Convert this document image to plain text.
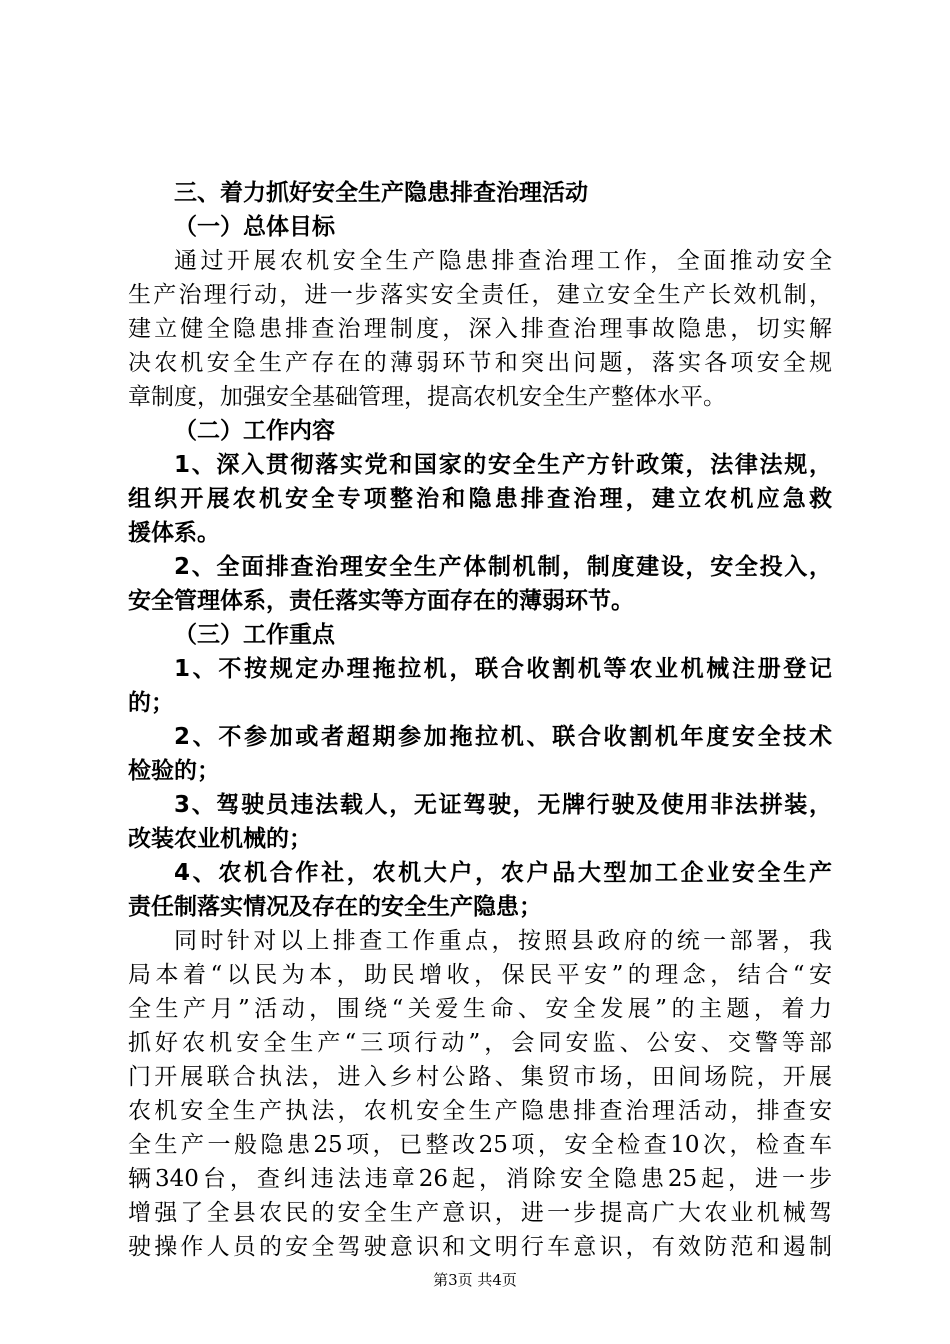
三、着力抓好安全生产隐患排查治理活动
（一）总体目标
通过开展农机安全生产隐患排查治理工作，全面推动安全
生产治理行动，进一步落实安全责任，建立安全生产长效机制，
建立健全隐患排查治理制度，深入排查治理事故隐患，切实解
决农机安全生产存在的薄弱环节和突出问题，落实各项安全规
章制度，加强安全基础管理，提高农机安全生产整体水平。
（二）工作内容
1、深入贯彻落实党和国家的安全生产方针政策，法律法规，
组织开展农机安全专项整治和隐患排查治理，建立农机应急救
援体系。
2、全面排查治理安全生产体制机制，制度建设，安全投入，
安全管理体系，责任落实等方面存在的薄弱环节。
（三）工作重点
1、不按规定办理拖拉机，联合收割机等农业机械注册登记
的；
2、不参加或者超期参加拖拉机、联合收割机年度安全技术
检验的；
3、驾驶员违法载人，无证驾驶，无牌行驶及使用非法拼装，
改装农业机械的；
4、农机合作社，农机大户，农户品大型加工企业安全生产
责任制落实情况及存在的安全生产隐患；
同时针对以上排查工作重点，按照县政府的统一部署，我
局本着“以民为本，助民增收，保民平安”的理念，结合“安
全生产月”活动，围绕“关爱生命、安全发展”的主题，着力
抓好农机安全生产“三项行动”，会同安监、公安、交警等部
门开展联合执法，进入乡村公路、集贸市场，田间场院，开展
农机安全生产执法，农机安全生产隐患排查治理活动，排查安
全生产一般隐患25项，已整改25项，安全检查10次，检查车
辆340台，查纠违法违章26起，消除安全隐患25起，进一步
增强了全县农民的安全生产意识，进一步提高广大农业机械驾
驶操作人员的安全驾驶意识和文明行车意识，有效防范和遏制
第3页 共4页
